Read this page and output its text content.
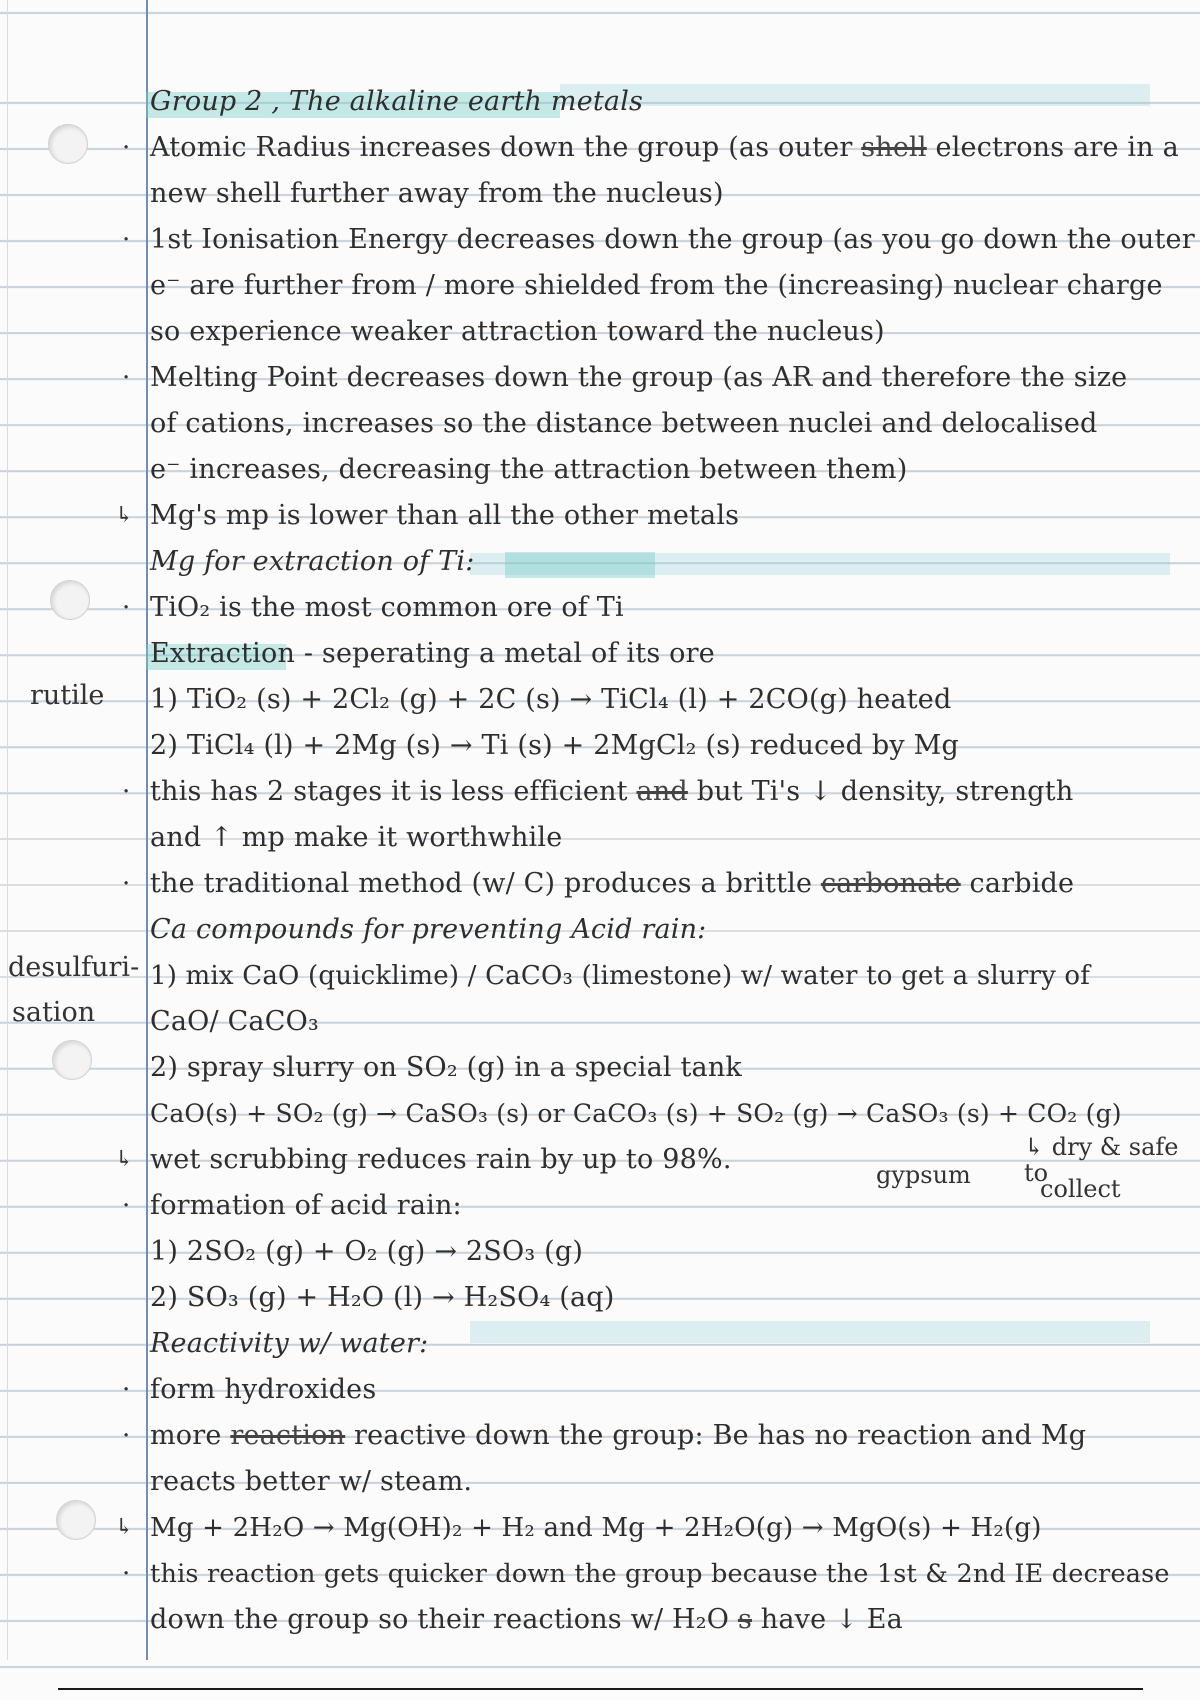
rutile
desulfuri-
sation
Group 2 , The alkaline earth metals
· Atomic Radius increases down the group (as outer shell electrons are in a
new shell further away from the nucleus)
· 1st Ionisation Energy decreases down the group (as you go down the outer
e⁻ are further from / more shielded from the (increasing) nuclear charge
so experience weaker attraction toward the nucleus)
· Melting Point decreases down the group (as AR and therefore the size
of cations, increases so the distance between nuclei and delocalised
e⁻ increases, decreasing the attraction between them)
↳ Mg's mp is lower than all the other metals
Mg for extraction of Ti:
· TiO₂ is the most common ore of Ti
Extraction - seperating a metal of its ore
1) TiO₂ (s) + 2Cl₂ (g) + 2C (s) → TiCl₄ (l) + 2CO(g) heated
2) TiCl₄ (l) + 2Mg (s) → Ti (s) + 2MgCl₂ (s) reduced by Mg
· this has 2 stages it is less efficient and but Ti's ↓ density, strength
and ↑ mp make it worthwhile
· the traditional method (w/ C) produces a brittle carbonate carbide
Ca compounds for preventing Acid rain:
1) mix CaO (quicklime) / CaCO₃ (limestone) w/ water to get a slurry of
CaO/ CaCO₃
2) spray slurry on SO₂ (g) in a special tank
CaO(s) + SO₂ (g) → CaSO₃ (s) or CaCO₃ (s) + SO₂ (g) → CaSO₃ (s) + CO₂ (g)
↳ wet scrubbing reduces rain by up to 98%.	gypsum
↳ dry & safe to
collect
· formation of acid rain:
1) 2SO₂ (g) + O₂ (g) → 2SO₃ (g)
2) SO₃ (g) + H₂O (l) → H₂SO₄ (aq)
Reactivity w/ water:
· form hydroxides
· more reaction reactive down the group: Be has no reaction and Mg
reacts better w/ steam.
↳ Mg + 2H₂O → Mg(OH)₂ + H₂ and Mg + 2H₂O(g) → MgO(s) + H₂(g)
· this reaction gets quicker down the group because the 1st & 2nd IE decrease
down the group so their reactions w/ H₂O s have ↓ Ea
